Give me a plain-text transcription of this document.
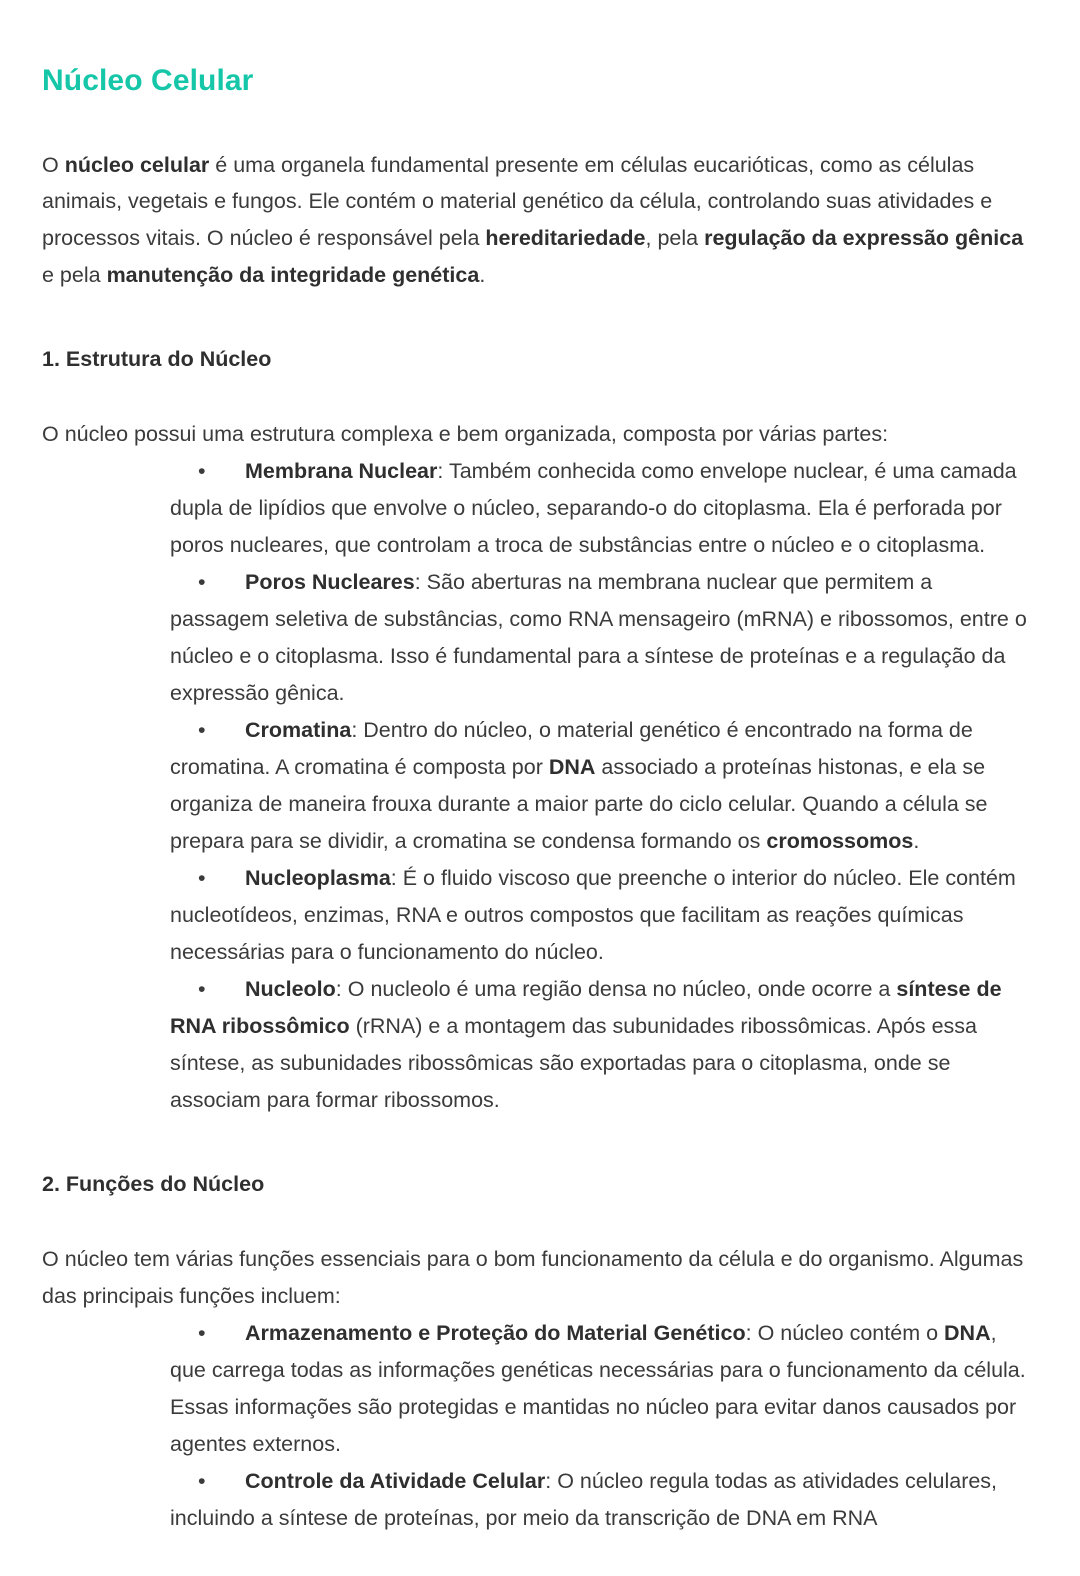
Núcleo Celular

O núcleo celular é uma organela fundamental presente em células eucarióticas, como as células animais, vegetais e fungos. Ele contém o material genético da célula, controlando suas atividades e processos vitais. O núcleo é responsável pela hereditariedade, pela regulação da expressão gênica e pela manutenção da integridade genética.

1. Estrutura do Núcleo

O núcleo possui uma estrutura complexa e bem organizada, composta por várias partes:

• Membrana Nuclear: Também conhecida como envelope nuclear, é uma camada dupla de lipídios que envolve o núcleo, separando-o do citoplasma. Ela é perforada por poros nucleares, que controlam a troca de substâncias entre o núcleo e o citoplasma.
• Poros Nucleares: São aberturas na membrana nuclear que permitem a passagem seletiva de substâncias, como RNA mensageiro (mRNA) e ribossomos, entre o núcleo e o citoplasma. Isso é fundamental para a síntese de proteínas e a regulação da expressão gênica.
• Cromatina: Dentro do núcleo, o material genético é encontrado na forma de cromatina. A cromatina é composta por DNA associado a proteínas histonas, e ela se organiza de maneira frouxa durante a maior parte do ciclo celular. Quando a célula se prepara para se dividir, a cromatina se condensa formando os cromossomos.
• Nucleoplasma: É o fluido viscoso que preenche o interior do núcleo. Ele contém nucleotídeos, enzimas, RNA e outros compostos que facilitam as reações químicas necessárias para o funcionamento do núcleo.
• Nucleolo: O nucleolo é uma região densa no núcleo, onde ocorre a síntese de RNA ribossômico (rRNA) e a montagem das subunidades ribossômicas. Após essa síntese, as subunidades ribossômicas são exportadas para o citoplasma, onde se associam para formar ribossomos.
2. Funções do Núcleo

O núcleo tem várias funções essenciais para o bom funcionamento da célula e do organismo. Algumas das principais funções incluem:

• Armazenamento e Proteção do Material Genético: O núcleo contém o DNA, que carrega todas as informações genéticas necessárias para o funcionamento da célula. Essas informações são protegidas e mantidas no núcleo para evitar danos causados por agentes externos.
• Controle da Atividade Celular: O núcleo regula todas as atividades celulares, incluindo a síntese de proteínas, por meio da transcrição de DNA em RNA
